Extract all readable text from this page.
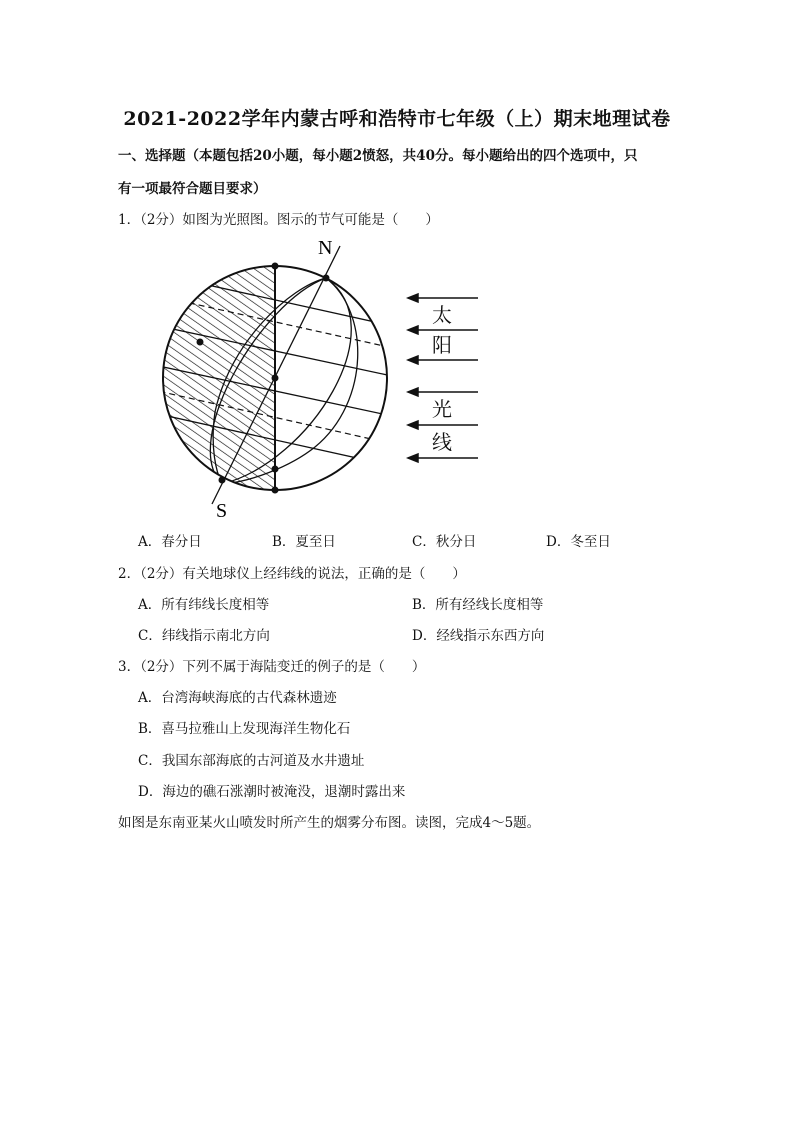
2021-2022学年内蒙古呼和浩特市七年级（上）期末地理试卷
一、选择题（本题包括20小题，每小题2愤怒，共40分。每小题给出的四个选项中，只
有一项最符合题目要求）
1．（2分）如图为光照图。图示的节气可能是（　　）
N
S
太
阳
光
线
A．春分日	B．夏至日	C．秋分日	D．冬至日
2．（2分）有关地球仪上经纬线的说法，正确的是（　　）
A．所有纬线长度相等	B．所有经线长度相等
C．纬线指示南北方向	D．经线指示东西方向
3．（2分）下列不属于海陆变迁的例子的是（　　）
A．台湾海峡海底的古代森林遗迹
B．喜马拉雅山上发现海洋生物化石
C．我国东部海底的古河道及水井遗址
D．海边的礁石涨潮时被淹没，退潮时露出来
如图是东南亚某火山喷发时所产生的烟雾分布图。读图，完成4～5题。
